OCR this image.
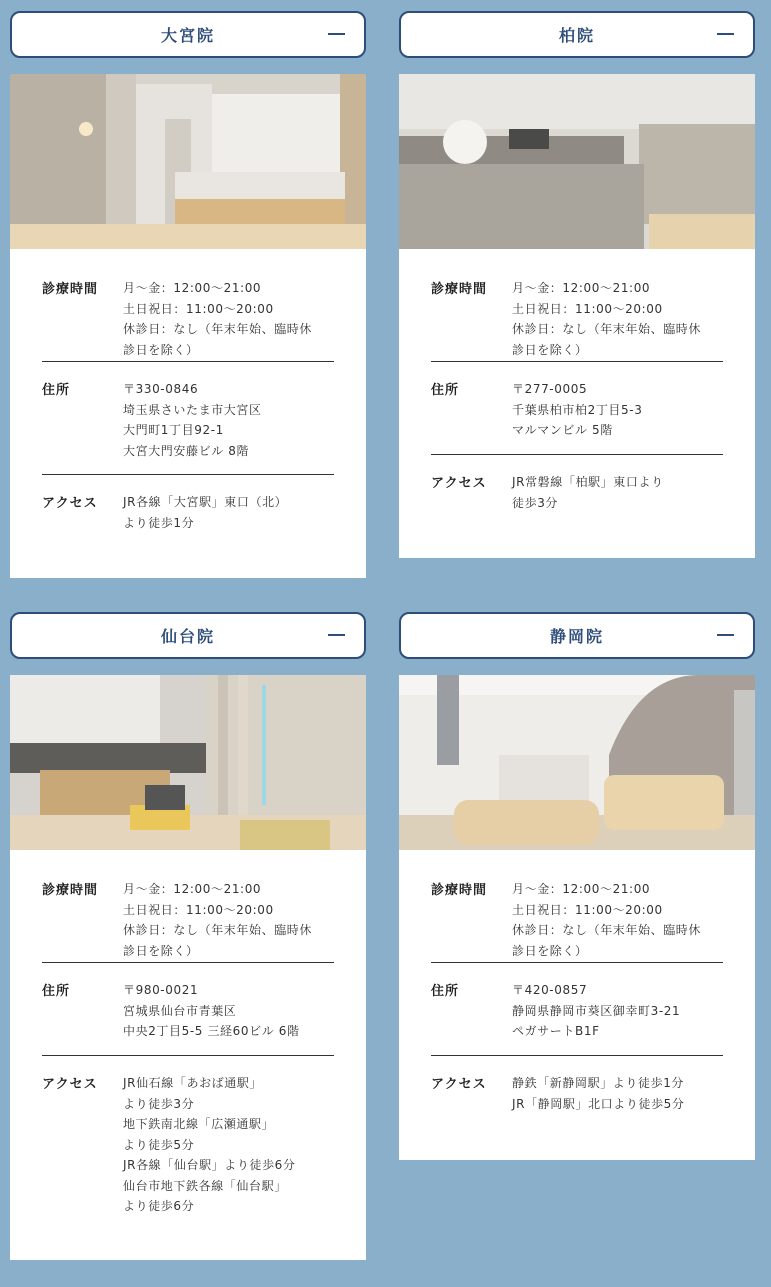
大宮院
診療時間 月～金：12:00～21:00
土日祝日：11:00～20:00
休診日：なし（年末年始、臨時休
診日を除く）
住所	〒330-0846
埼玉県さいたま市大宮区
大門町1丁目92-1
大宮大門安藤ビル 8階
アクセス JR各線「大宮駅」東口（北）
より徒歩1分
柏院
診療時間 月～金：12:00～21:00
土日祝日：11:00～20:00
休診日：なし（年末年始、臨時休
診日を除く）
住所	〒277-0005
千葉県柏市柏2丁目5-3
マルマンビル 5階
アクセス JR常磐線「柏駅」東口より
徒歩3分
仙台院
診療時間 月～金：12:00～21:00
土日祝日：11:00～20:00
休診日：なし（年末年始、臨時休
診日を除く）
住所	〒980-0021
宮城県仙台市青葉区
中央2丁目5-5 三経60ビル 6階
アクセス JR仙石線「あおば通駅」
より徒歩3分
地下鉄南北線「広瀬通駅」
より徒歩5分
JR各線「仙台駅」より徒歩6分
仙台市地下鉄各線「仙台駅」
より徒歩6分
静岡院
診療時間 月～金：12:00～21:00
土日祝日：11:00～20:00
休診日：なし（年末年始、臨時休
診日を除く）
住所	〒420-0857
静岡県静岡市葵区御幸町3-21
ペガサートB1F
アクセス 静鉄「新静岡駅」より徒歩1分
JR「静岡駅」北口より徒歩5分
